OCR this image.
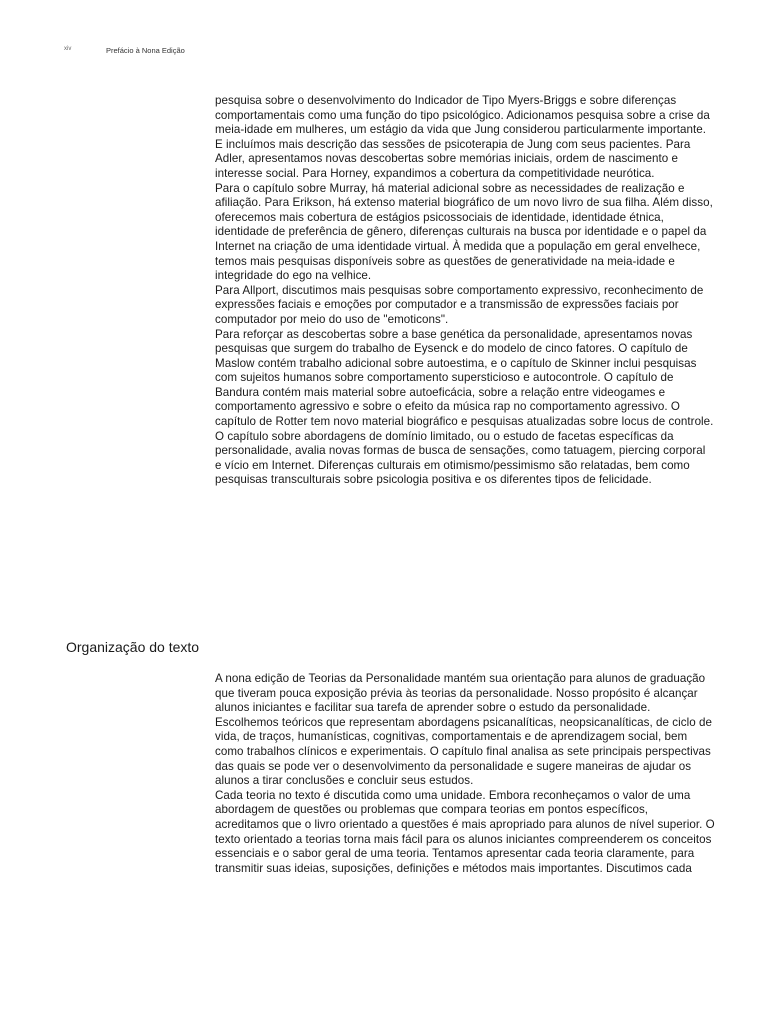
xiv	Prefácio à Nona Edição

pesquisa sobre o desenvolvimento do Indicador de Tipo Myers-Briggs e sobre diferenças comportamentais como uma função do tipo psicológico. Adicionamos pesquisa sobre a crise da meia-idade em mulheres, um estágio da vida que Jung considerou particularmente importante. E incluímos mais descrição das sessões de psicoterapia de Jung com seus pacientes. Para Adler, apresentamos novas descobertas sobre memórias iniciais, ordem de nascimento e interesse social. Para Horney, expandimos a cobertura da competitividade neurótica.

Para o capítulo sobre Murray, há material adicional sobre as necessidades de realização e afiliação. Para Erikson, há extenso material biográfico de um novo livro de sua filha. Além disso, oferecemos mais cobertura de estágios psicossociais de identidade, identidade étnica, identidade de preferência de gênero, diferenças culturais na busca por identidade e o papel da Internet na criação de uma identidade virtual. À medida que a população em geral envelhece, temos mais pesquisas disponíveis sobre as questões de generatividade na meia-idade e integridade do ego na velhice.

Para Allport, discutimos mais pesquisas sobre comportamento expressivo, reconhecimento de expressões faciais e emoções por computador e a transmissão de expressões faciais por computador por meio do uso de "emoticons".

Para reforçar as descobertas sobre a base genética da personalidade, apresentamos novas pesquisas que surgem do trabalho de Eysenck e do modelo de cinco fatores. O capítulo de Maslow contém trabalho adicional sobre autoestima, e o capítulo de Skinner inclui pesquisas com sujeitos humanos sobre comportamento supersticioso e autocontrole. O capítulo de Bandura contém mais material sobre autoeficácia, sobre a relação entre videogames e comportamento agressivo e sobre o efeito da música rap no comportamento agressivo. O capítulo de Rotter tem novo material biográfico e pesquisas atualizadas sobre locus de controle.

O capítulo sobre abordagens de domínio limitado, ou o estudo de facetas específicas da personalidade, avalia novas formas de busca de sensações, como tatuagem, piercing corporal e vício em Internet. Diferenças culturais em otimismo/pessimismo são relatadas, bem como pesquisas transculturais sobre psicologia positiva e os diferentes tipos de felicidade.

Organização do texto

A nona edição de Teorias da Personalidade mantém sua orientação para alunos de graduação que tiveram pouca exposição prévia às teorias da personalidade. Nosso propósito é alcançar alunos iniciantes e facilitar sua tarefa de aprender sobre o estudo da personalidade. Escolhemos teóricos que representam abordagens psicanalíticas, neopsicanalíticas, de ciclo de vida, de traços, humanísticas, cognitivas, comportamentais e de aprendizagem social, bem como trabalhos clínicos e experimentais. O capítulo final analisa as sete principais perspectivas das quais se pode ver o desenvolvimento da personalidade e sugere maneiras de ajudar os alunos a tirar conclusões e concluir seus estudos.

Cada teoria no texto é discutida como uma unidade. Embora reconheçamos o valor de uma abordagem de questões ou problemas que compara teorias em pontos específicos, acreditamos que o livro orientado a questões é mais apropriado para alunos de nível superior. O texto orientado a teorias torna mais fácil para os alunos iniciantes compreenderem os conceitos essenciais e o sabor geral de uma teoria. Tentamos apresentar cada teoria claramente, para transmitir suas ideias, suposições, definições e métodos mais importantes. Discutimos cada
